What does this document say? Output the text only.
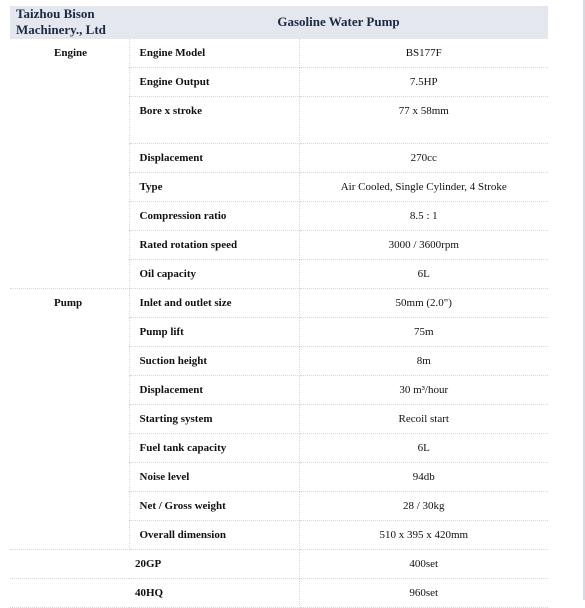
Taizhou Bison Machinery., Ltd	Gasoline Water Pump	
Engine	Engine Model	BS177F
	Engine Output	7.5HP
	Bore x stroke	77 x 58mm
	Displacement	270cc
	Type	Air Cooled, Single Cylinder, 4 Stroke
	Compression ratio	8.5 : 1
	Rated rotation speed	3000 / 3600rpm
	Oil capacity	6L
Pump	Inlet and outlet size	50mm (2.0")
	Pump lift	75m
	Suction height	8m
	Displacement	30 m³/hour
	Starting system	Recoil start
	Fuel tank capacity	6L
	Noise level	94db
	Net / Gross weight	28 / 30kg
	Overall dimension	510 x 395 x 420mm
	20GP	400set
	40HQ	960set
